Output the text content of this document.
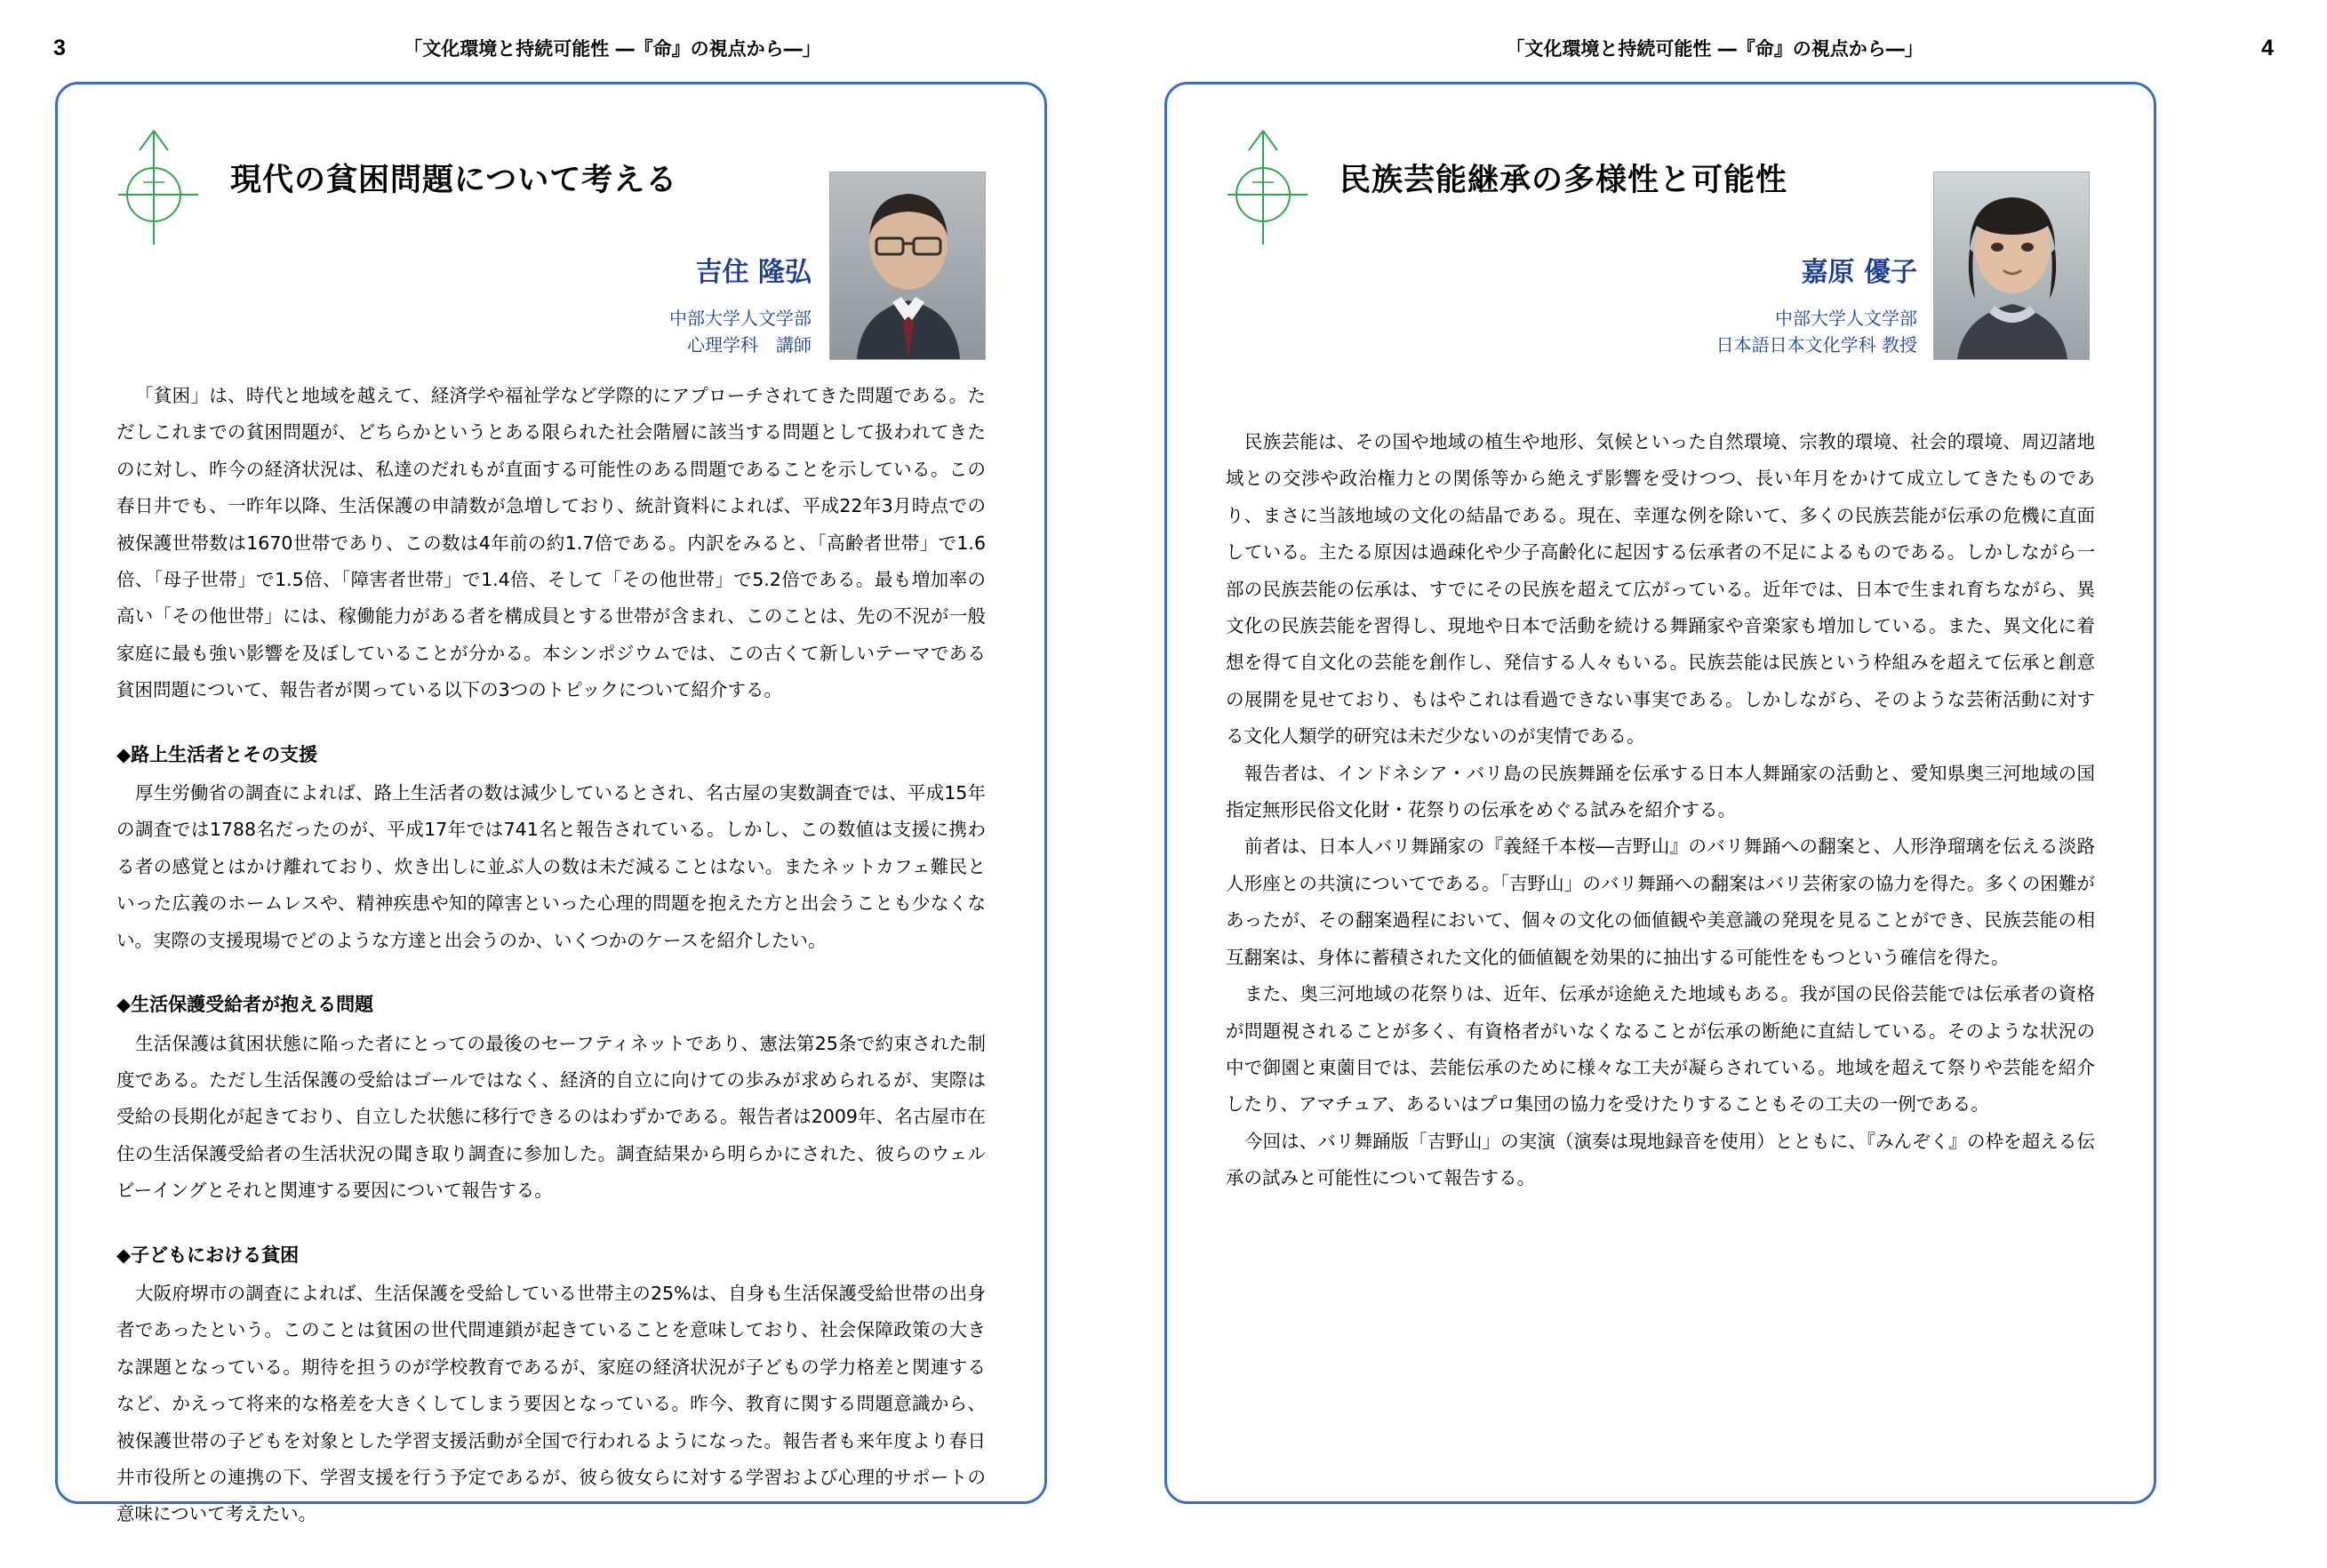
3	「文化環境と持続可能性 ―『命』の視点から―」
現代の貧困問題について考える
吉住 隆弘
中部大学人文学部
心理学科　講師

「貧困」は、時代と地域を越えて、経済学や福祉学など学際的にアプローチされてきた問題である。ただしこれまでの貧困問題が、どちらかというとある限られた社会階層に該当する問題として扱われてきたのに対し、昨今の経済状況は、私達のだれもが直面する可能性のある問題であることを示している。この春日井でも、一昨年以降、生活保護の申請数が急増しており、統計資料によれば、平成22年3月時点での被保護世帯数は1670世帯であり、この数は4年前の約1.7倍である。内訳をみると、「高齢者世帯」で1.6倍、「母子世帯」で1.5倍、「障害者世帯」で1.4倍、そして「その他世帯」で5.2倍である。最も増加率の高い「その他世帯」には、稼働能力がある者を構成員とする世帯が含まれ、このことは、先の不況が一般家庭に最も強い影響を及ぼしていることが分かる。本シンポジウムでは、この古くて新しいテーマである貧困問題について、報告者が関っている以下の3つのトピックについて紹介する。

◆路上生活者とその支援

厚生労働省の調査によれば、路上生活者の数は減少しているとされ、名古屋の実数調査では、平成15年の調査では1788名だったのが、平成17年では741名と報告されている。しかし、この数値は支援に携わる者の感覚とはかけ離れており、炊き出しに並ぶ人の数は未だ減ることはない。またネットカフェ難民といった広義のホームレスや、精神疾患や知的障害といった心理的問題を抱えた方と出会うことも少なくない。実際の支援現場でどのような方達と出会うのか、いくつかのケースを紹介したい。

◆生活保護受給者が抱える問題

生活保護は貧困状態に陥った者にとっての最後のセーフティネットであり、憲法第25条で約束された制度である。ただし生活保護の受給はゴールではなく、経済的自立に向けての歩みが求められるが、実際は受給の長期化が起きており、自立した状態に移行できるのはわずかである。報告者は2009年、名古屋市在住の生活保護受給者の生活状況の聞き取り調査に参加した。調査結果から明らかにされた、彼らのウェルビーイングとそれと関連する要因について報告する。

◆子どもにおける貧困

大阪府堺市の調査によれば、生活保護を受給している世帯主の25%は、自身も生活保護受給世帯の出身者であったという。このことは貧困の世代間連鎖が起きていることを意味しており、社会保障政策の大きな課題となっている。期待を担うのが学校教育であるが、家庭の経済状況が子どもの学力格差と関連するなど、かえって将来的な格差を大きくしてしまう要因となっている。昨今、教育に関する問題意識から、被保護世帯の子どもを対象とした学習支援活動が全国で行われるようになった。報告者も来年度より春日井市役所との連携の下、学習支援を行う予定であるが、彼ら彼女らに対する学習および心理的サポートの意味について考えたい。

「文化環境と持続可能性 ―『命』の視点から―」	4
民族芸能継承の多様性と可能性
嘉原 優子
中部大学人文学部
日本語日本文化学科 教授

民族芸能は、その国や地域の植生や地形、気候といった自然環境、宗教的環境、社会的環境、周辺諸地域との交渉や政治権力との関係等から絶えず影響を受けつつ、長い年月をかけて成立してきたものであり、まさに当該地域の文化の結晶である。現在、幸運な例を除いて、多くの民族芸能が伝承の危機に直面している。主たる原因は過疎化や少子高齢化に起因する伝承者の不足によるものである。しかしながら一部の民族芸能の伝承は、すでにその民族を超えて広がっている。近年では、日本で生まれ育ちながら、異文化の民族芸能を習得し、現地や日本で活動を続ける舞踊家や音楽家も増加している。また、異文化に着想を得て自文化の芸能を創作し、発信する人々もいる。民族芸能は民族という枠組みを超えて伝承と創意の展開を見せており、もはやこれは看過できない事実である。しかしながら、そのような芸術活動に対する文化人類学的研究は未だ少ないのが実情である。

報告者は、インドネシア・バリ島の民族舞踊を伝承する日本人舞踊家の活動と、愛知県奥三河地域の国指定無形民俗文化財・花祭りの伝承をめぐる試みを紹介する。

前者は、日本人バリ舞踊家の『義経千本桜―吉野山』のバリ舞踊への翻案と、人形浄瑠璃を伝える淡路人形座との共演についてである。「吉野山」のバリ舞踊への翻案はバリ芸術家の協力を得た。多くの困難があったが、その翻案過程において、個々の文化の価値観や美意識の発現を見ることができ、民族芸能の相互翻案は、身体に蓄積された文化的価値観を効果的に抽出する可能性をもつという確信を得た。

また、奥三河地域の花祭りは、近年、伝承が途絶えた地域もある。我が国の民俗芸能では伝承者の資格が問題視されることが多く、有資格者がいなくなることが伝承の断絶に直結している。そのような状況の中で御園と東薗目では、芸能伝承のために様々な工夫が凝らされている。地域を超えて祭りや芸能を紹介したり、アマチュア、あるいはプロ集団の協力を受けたりすることもその工夫の一例である。

今回は、バリ舞踊版「吉野山」の実演（演奏は現地録音を使用）とともに、『みんぞく』の枠を超える伝承の試みと可能性について報告する。
